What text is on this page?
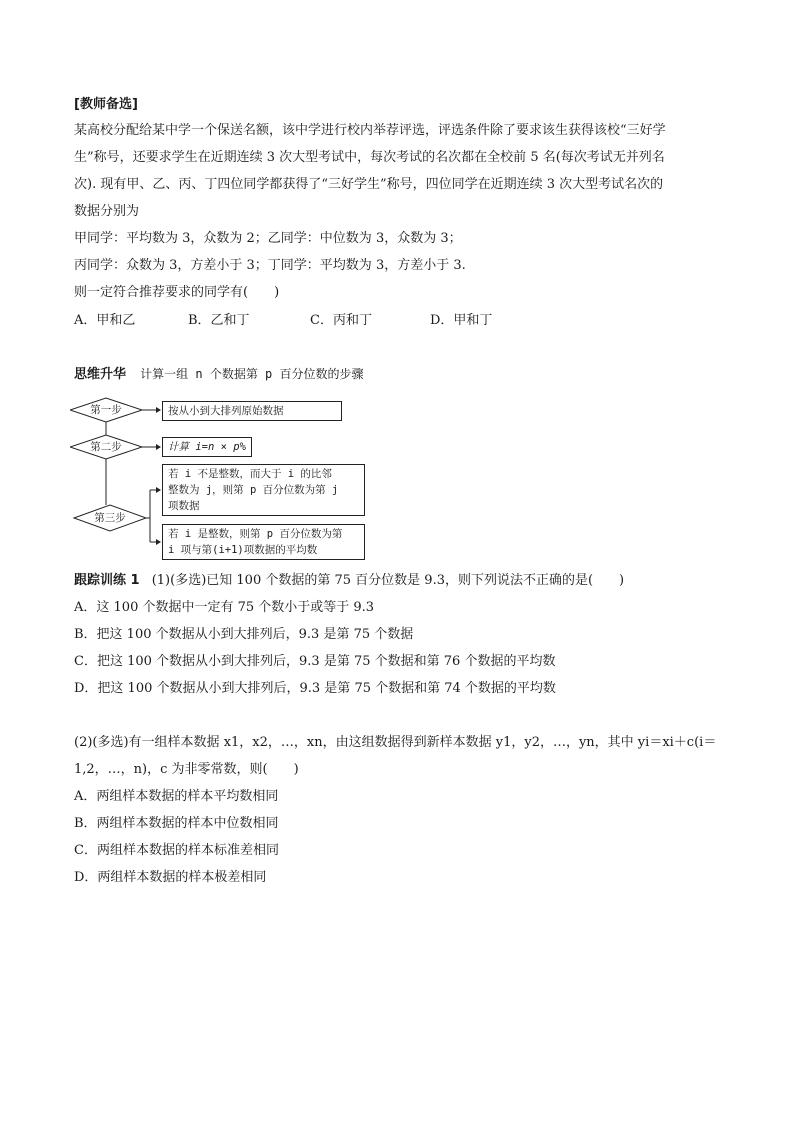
[教师备选]
某高校分配给某中学一个保送名额，该中学进行校内举荐评选，评选条件除了要求该生获得该校“三好学
生”称号，还要求学生在近期连续 3 次大型考试中，每次考试的名次都在全校前 5 名(每次考试无并列名
次). 现有甲、乙、丙、丁四位同学都获得了“三好学生”称号，四位同学在近期连续 3 次大型考试名次的
数据分别为
甲同学：平均数为 3，众数为 2；乙同学：中位数为 3，众数为 3；
丙同学：众数为 3，方差小于 3；丁同学：平均数为 3，方差小于 3.
则一定符合推荐要求的同学有(　　)
A．甲和乙	B．乙和丁	C．丙和丁	D．甲和丁
思维升华 计算一组 n 个数据第 p 百分位数的步骤
第一步
第二步
第三步
按从小到大排列原始数据
计算 i=n × p%
若 i 不是整数，而大于 i 的比邻
整数为 j，则第 p 百分位数为第 j
项数据
若 i 是整数，则第 p 百分位数为第
i 项与第(i+1)项数据的平均数
跟踪训练 1 (1)(多选)已知 100 个数据的第 75 百分位数是 9.3，则下列说法不正确的是(　　)
A．这 100 个数据中一定有 75 个数小于或等于 9.3
B．把这 100 个数据从小到大排列后，9.3 是第 75 个数据
C．把这 100 个数据从小到大排列后，9.3 是第 75 个数据和第 76 个数据的平均数
D．把这 100 个数据从小到大排列后，9.3 是第 75 个数据和第 74 个数据的平均数
(2)(多选)有一组样本数据 x1，x2，…，xn，由这组数据得到新样本数据 y1，y2，…，yn，其中 yi＝xi＋c(i＝
1,2，…，n)，c 为非零常数，则(　　)
A．两组样本数据的样本平均数相同
B．两组样本数据的样本中位数相同
C．两组样本数据的样本标准差相同
D．两组样本数据的样本极差相同
